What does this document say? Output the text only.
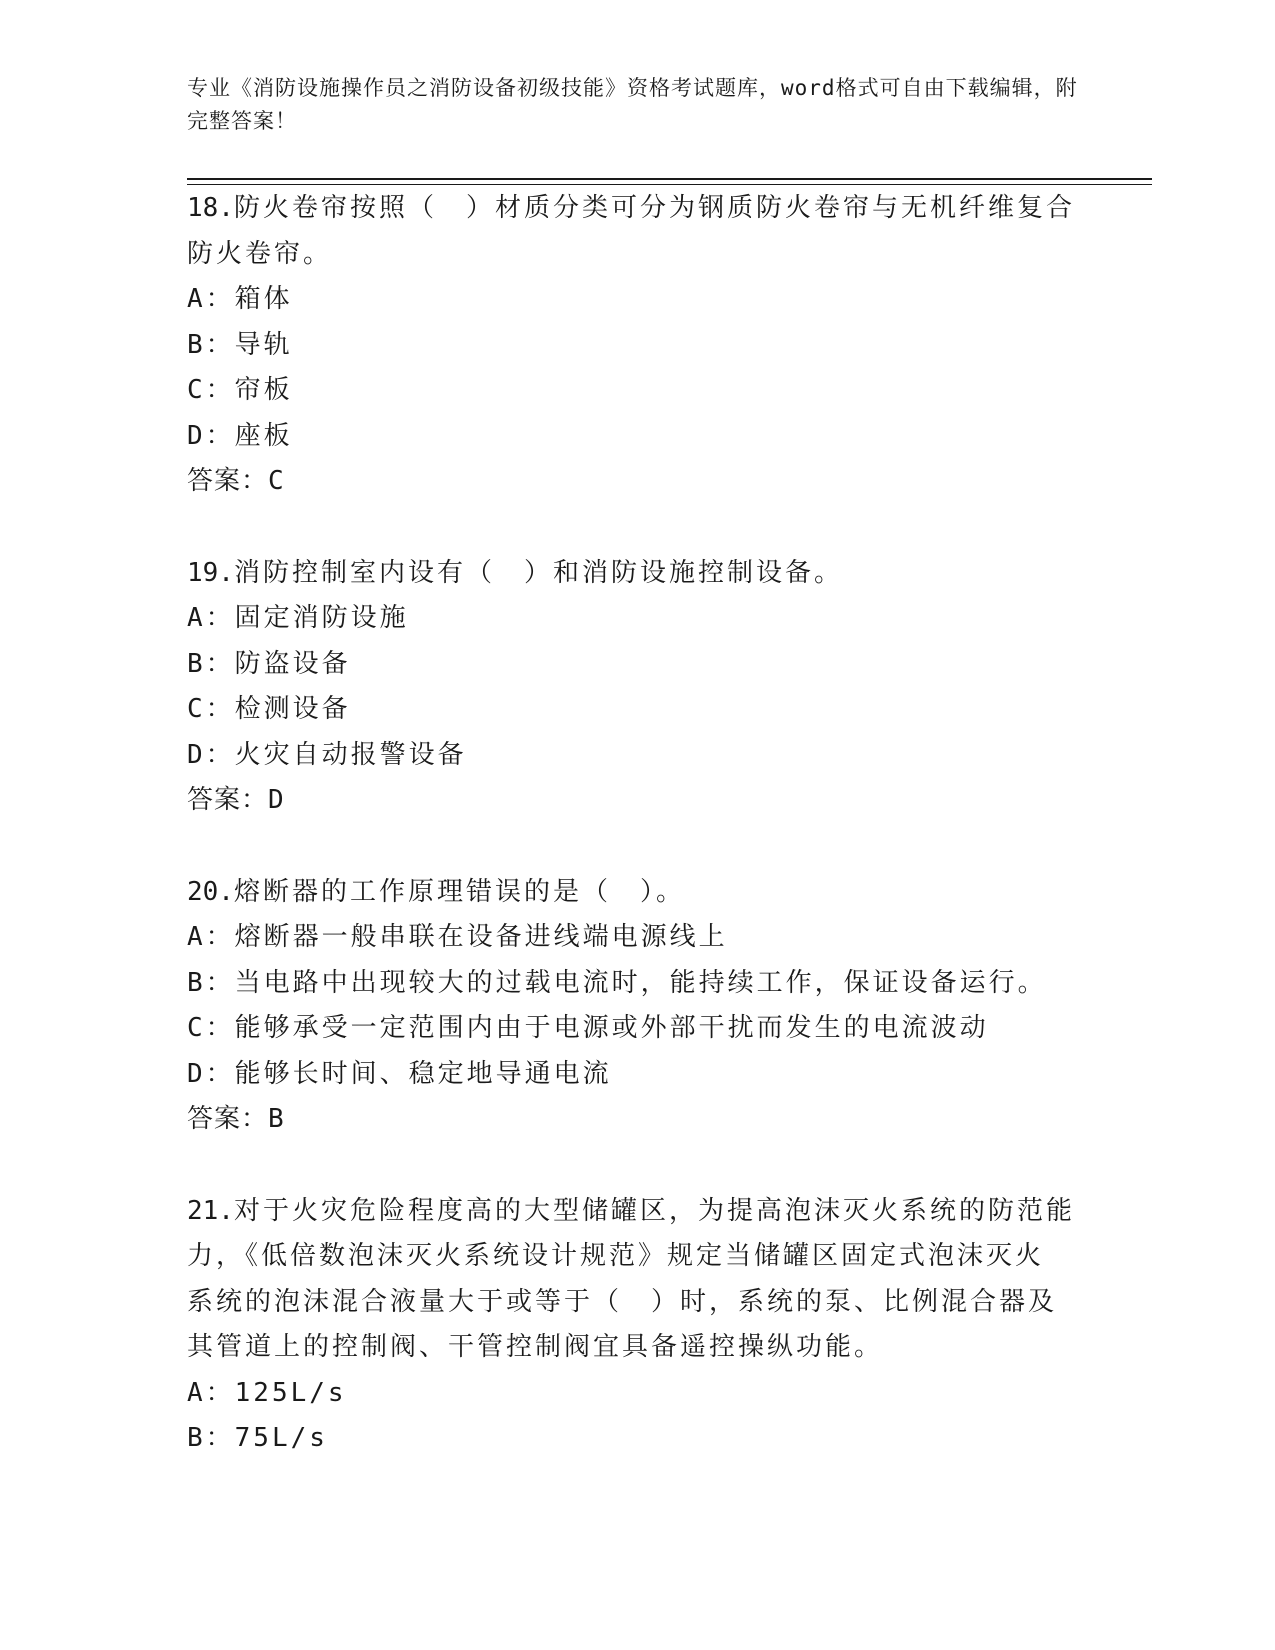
专业《消防设施操作员之消防设备初级技能》资格考试题库，word格式可自由下载编辑，附完整答案！
18.防火卷帘按照（　）材质分类可分为钢质防火卷帘与无机纤维复合
防火卷帘。
A：箱体
B：导轨
C：帘板
D：座板
答案：C
19.消防控制室内设有（　）和消防设施控制设备。
A：固定消防设施
B：防盗设备
C：检测设备
D：火灾自动报警设备
答案：D
20.熔断器的工作原理错误的是（　）。
A：熔断器一般串联在设备进线端电源线上
B：当电路中出现较大的过载电流时，能持续工作，保证设备运行。
C：能够承受一定范围内由于电源或外部干扰而发生的电流波动
D：能够长时间、稳定地导通电流
答案：B
21.对于火灾危险程度高的大型储罐区，为提高泡沫灭火系统的防范能
力，《低倍数泡沫灭火系统设计规范》规定当储罐区固定式泡沫灭火
系统的泡沫混合液量大于或等于（　）时，系统的泵、比例混合器及
其管道上的控制阀、干管控制阀宜具备遥控操纵功能。
A：125L/s
B：75L/s
